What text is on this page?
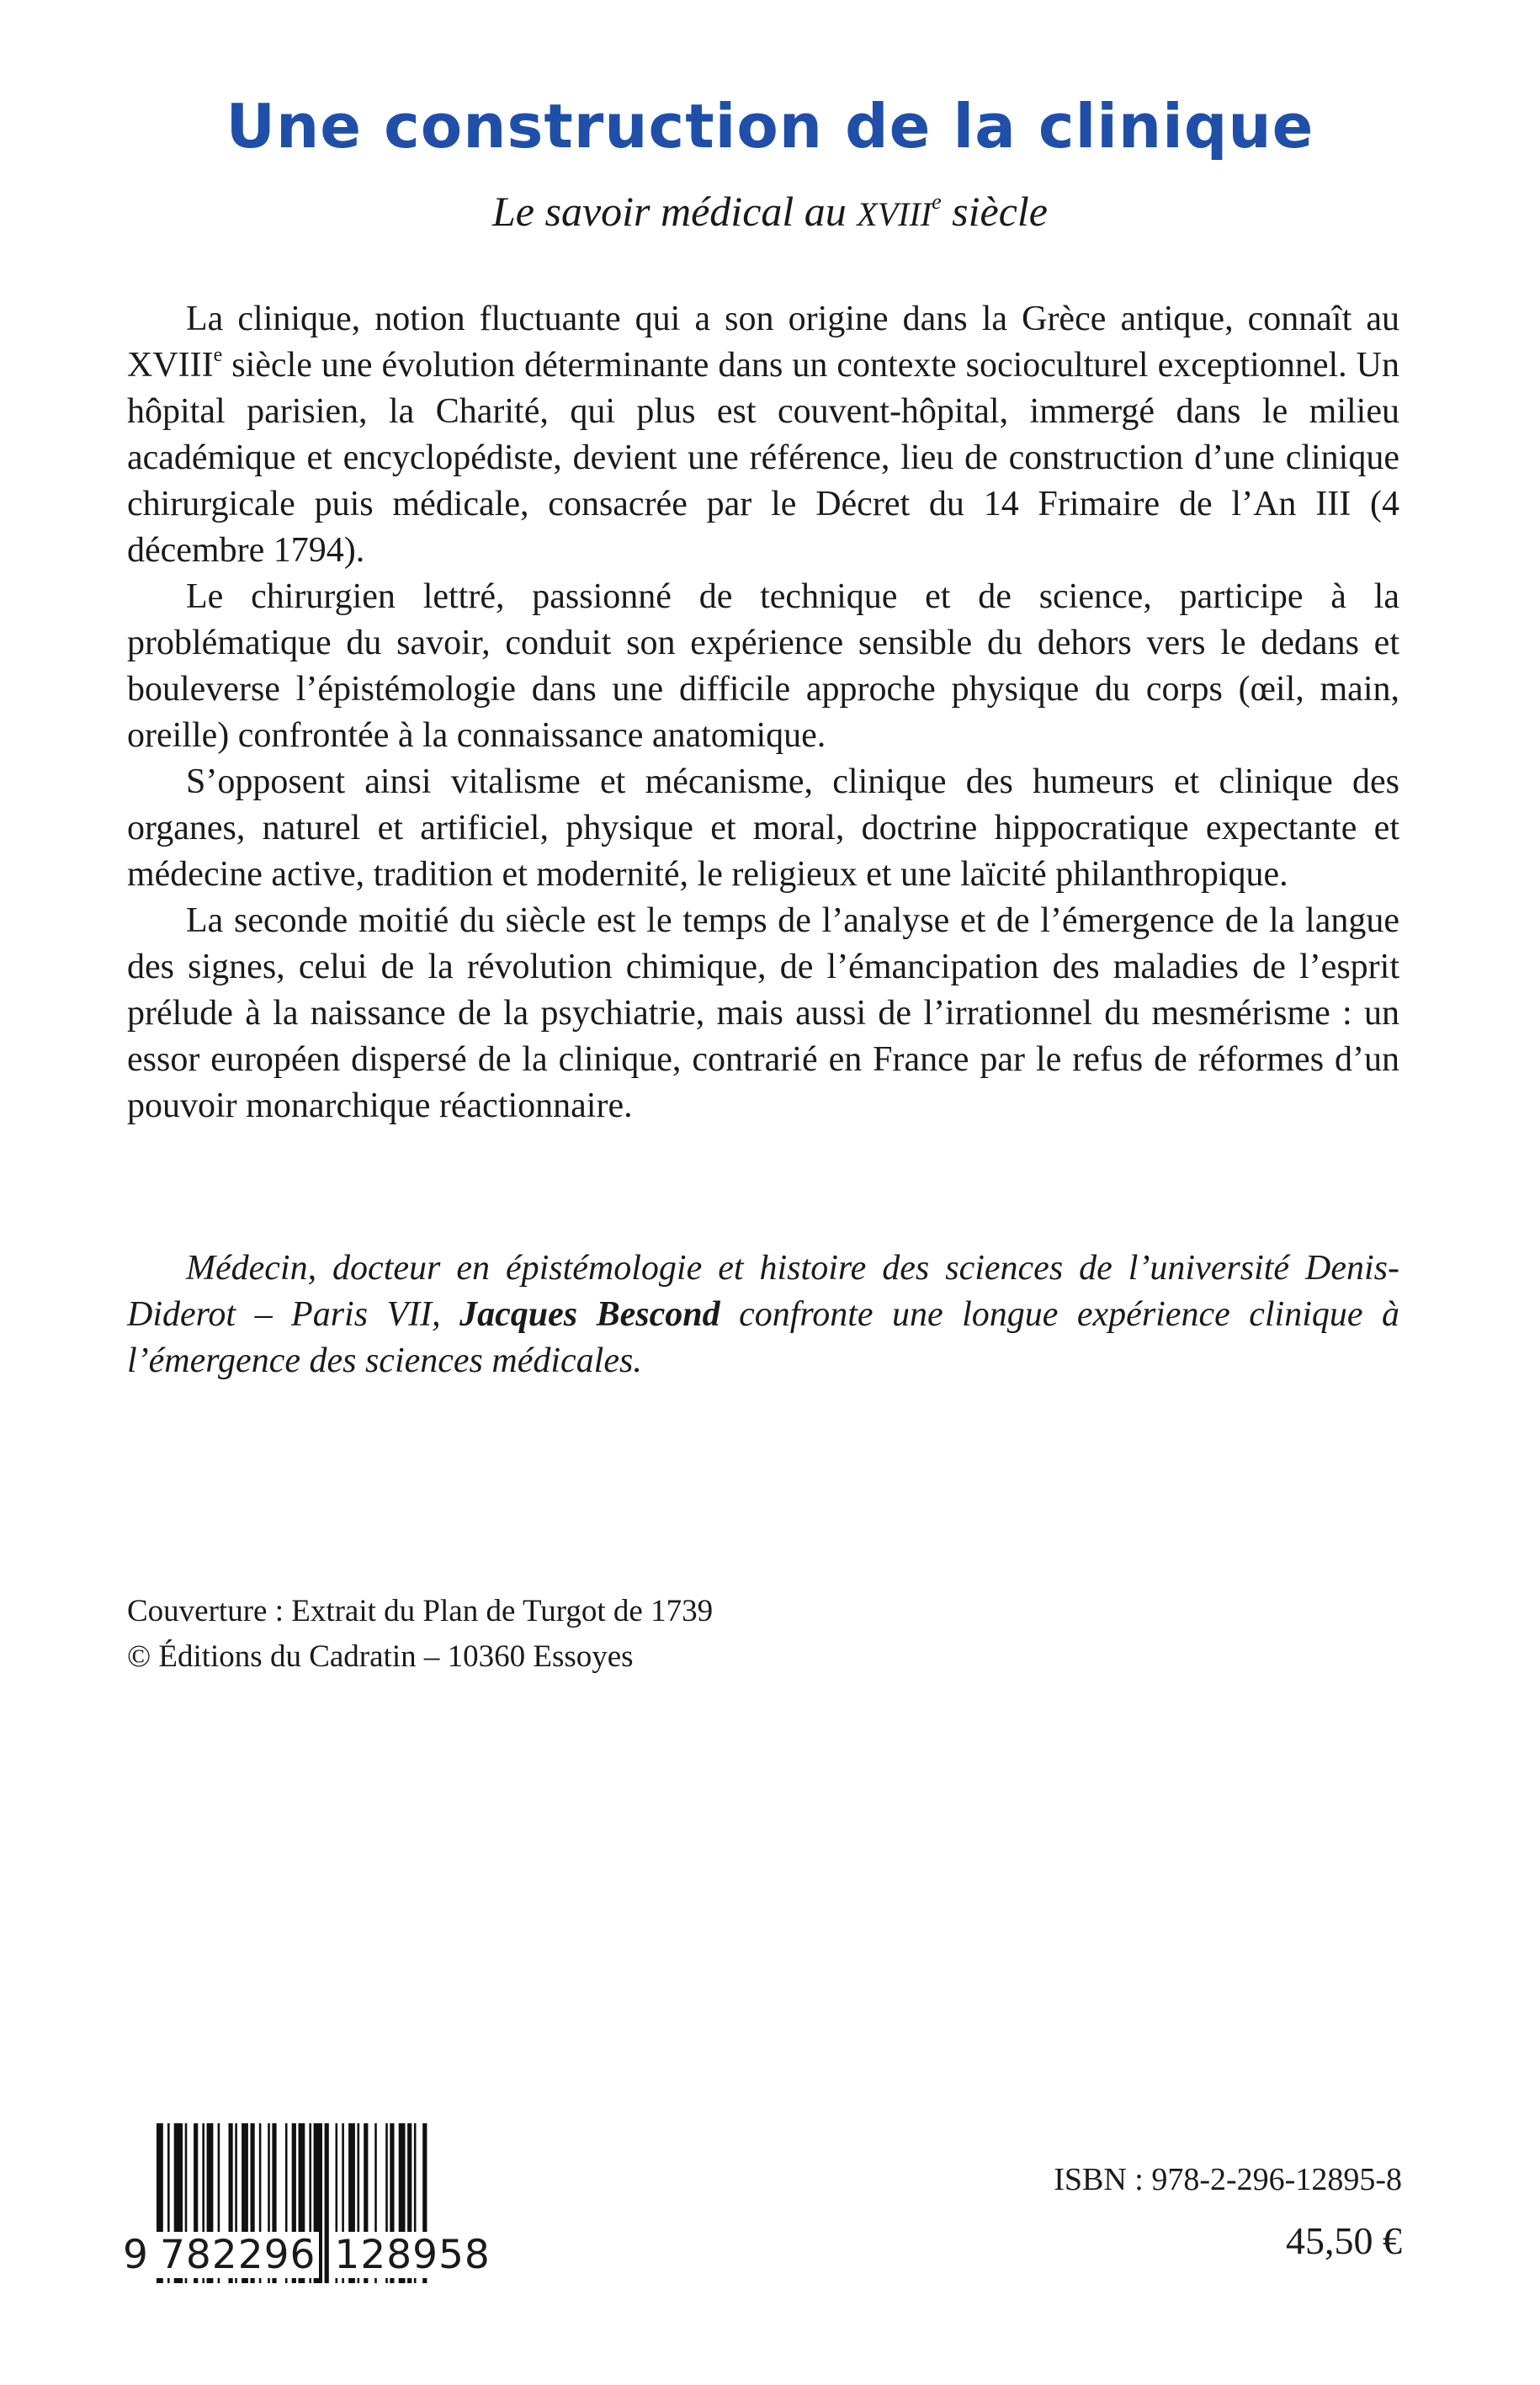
Une construction de la clinique

Le savoir médical au XVIIIe siècle

La clinique, notion fluctuante qui a son origine dans la Grèce antique, connaît au XVIIIe siècle une évolution déterminante dans un contexte socioculturel exceptionnel. Un hôpital parisien, la Charité, qui plus est couvent-hôpital, immergé dans le milieu académique et encyclopédiste, devient une référence, lieu de construction d’une clinique chirurgicale puis médicale, consacrée par le Décret du 14 Frimaire de l’An III (4 décembre 1794).

Le chirurgien lettré, passionné de technique et de science, participe à la problématique du savoir, conduit son expérience sensible du dehors vers le dedans et bouleverse l’épistémologie dans une difficile approche physique du corps (œil, main, oreille) confrontée à la connaissance anatomique.

S’opposent ainsi vitalisme et mécanisme, clinique des humeurs et clinique des organes, naturel et artificiel, physique et moral, doctrine hippocratique expectante et médecine active, tradition et modernité, le religieux et une laïcité philanthropique.

La seconde moitié du siècle est le temps de l’analyse et de l’émergence de la langue des signes, celui de la révolution chimique, de l’émancipation des maladies de l’esprit prélude à la naissance de la psychiatrie, mais aussi de l’irrationnel du mesmérisme : un essor européen dispersé de la clinique, contrarié en France par le refus de réformes d’un pouvoir monarchique réactionnaire.

Médecin, docteur en épistémologie et histoire des sciences de l’université Denis-Diderot – Paris VII, Jacques Bescond confronte une longue expérience clinique à l’émergence des sciences médicales.

Couverture : Extrait du Plan de Turgot de 1739
© Éditions du Cadratin – 10360 Essoyes
9 782296 128958
ISBN : 978-2-296-12895-8
45,50 €
